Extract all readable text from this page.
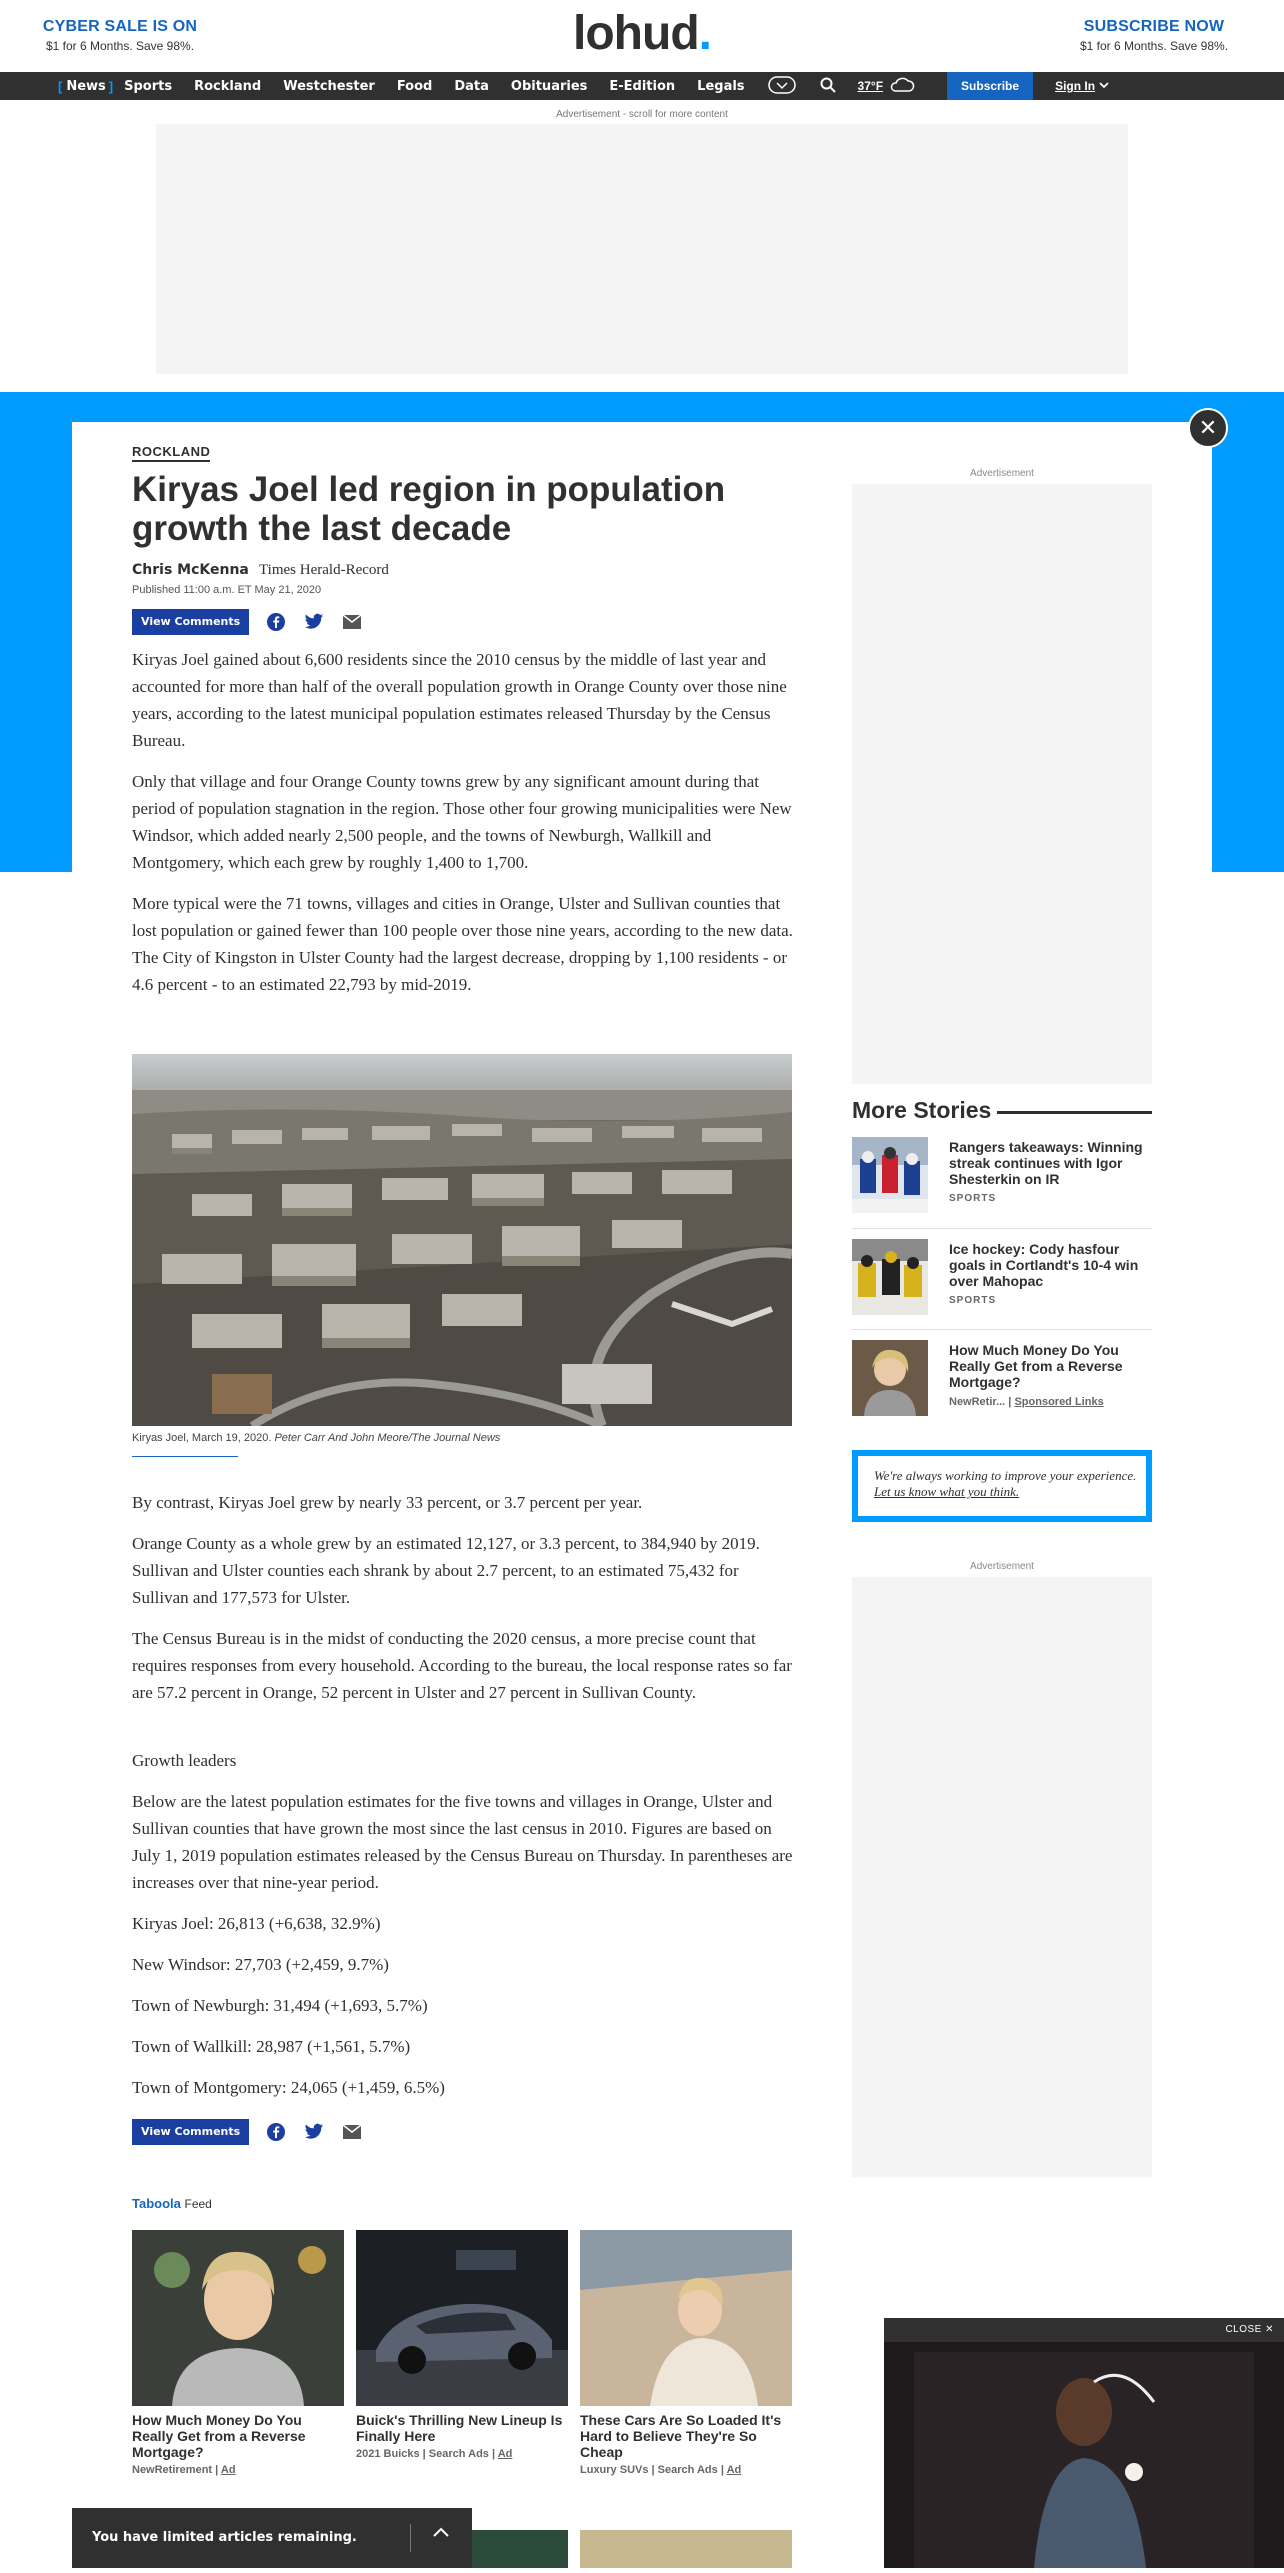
CYBER SALE IS ON
$1 for 6 Months. Save 98%.	lohud.	SUBSCRIBE NOW
$1 for 6 Months. Save 98%.
[ News ] Sports Rockland Westchester Food Data Obituaries E-Edition Legals	37°F	Subscribe	Sign In
Advertisement - scroll for more content
✕
ROCKLAND
Kiryas Joel led region in population growth the last decade
Chris McKenna Times Herald-Record
Published 11:00 a.m. ET May 21, 2020
View Comments

Kiryas Joel gained about 6,600 residents since the 2010 census by the middle of last year and accounted for more than half of the overall population growth in Orange County over those nine years, according to the latest municipal population estimates released Thursday by the Census Bureau.

Only that village and four Orange County towns grew by any significant amount during that period of population stagnation in the region. Those other four growing municipalities were New Windsor, which added nearly 2,500 people, and the towns of Newburgh, Wallkill and Montgomery, which each grew by roughly 1,400 to 1,700.

More typical were the 71 towns, villages and cities in Orange, Ulster and Sullivan counties that lost population or gained fewer than 100 people over those nine years, according to the new data. The City of Kingston in Ulster County had the largest decrease, dropping by 1,100 residents - or 4.6 percent - to an estimated 22,793 by mid-2019.

Kiryas Joel, March 19, 2020. Peter Carr And John Meore/The Journal News

By contrast, Kiryas Joel grew by nearly 33 percent, or 3.7 percent per year.

Orange County as a whole grew by an estimated 12,127, or 3.3 percent, to 384,940 by 2019. Sullivan and Ulster counties each shrank by about 2.7 percent, to an estimated 75,432 for Sullivan and 177,573 for Ulster.

The Census Bureau is in the midst of conducting the 2020 census, a more precise count that requires responses from every household. According to the bureau, the local response rates so far are 57.2 percent in Orange, 52 percent in Ulster and 27 percent in Sullivan County.

Growth leaders

Below are the latest population estimates for the five towns and villages in Orange, Ulster and Sullivan counties that have grown the most since the last census in 2010. Figures are based on July 1, 2019 population estimates released by the Census Bureau on Thursday. In parentheses are increases over that nine-year period.

Kiryas Joel: 26,813 (+6,638, 32.9%)

New Windsor: 27,703 (+2,459, 9.7%)

Town of Newburgh: 31,494 (+1,693, 5.7%)

Town of Wallkill: 28,987 (+1,561, 5.7%)

Town of Montgomery: 24,065 (+1,459, 6.5%)

View Comments
Advertisement
More Stories
Rangers takeaways: Winning streak continues with Igor Shesterkin on IR
SPORTS
Ice hockey: Cody hasfour goals in Cortlandt's 10-4 win over Mahopac
SPORTS
How Much Money Do You Really Get from a Reverse Mortgage?
NewRetir... | Sponsored Links

We're always working to improve your experience. Let us know what you think.

Advertisement
Taboola Feed
How Much Money Do You Really Get from a Reverse Mortgage?
NewRetirement | Ad
Buick's Thrilling New Lineup Is Finally Here
2021 Buicks | Search Ads | Ad
These Cars Are So Loaded It's Hard to Believe They're So Cheap
Luxury SUVs | Search Ads | Ad
CLOSE ✕
You have limited articles remaining.
